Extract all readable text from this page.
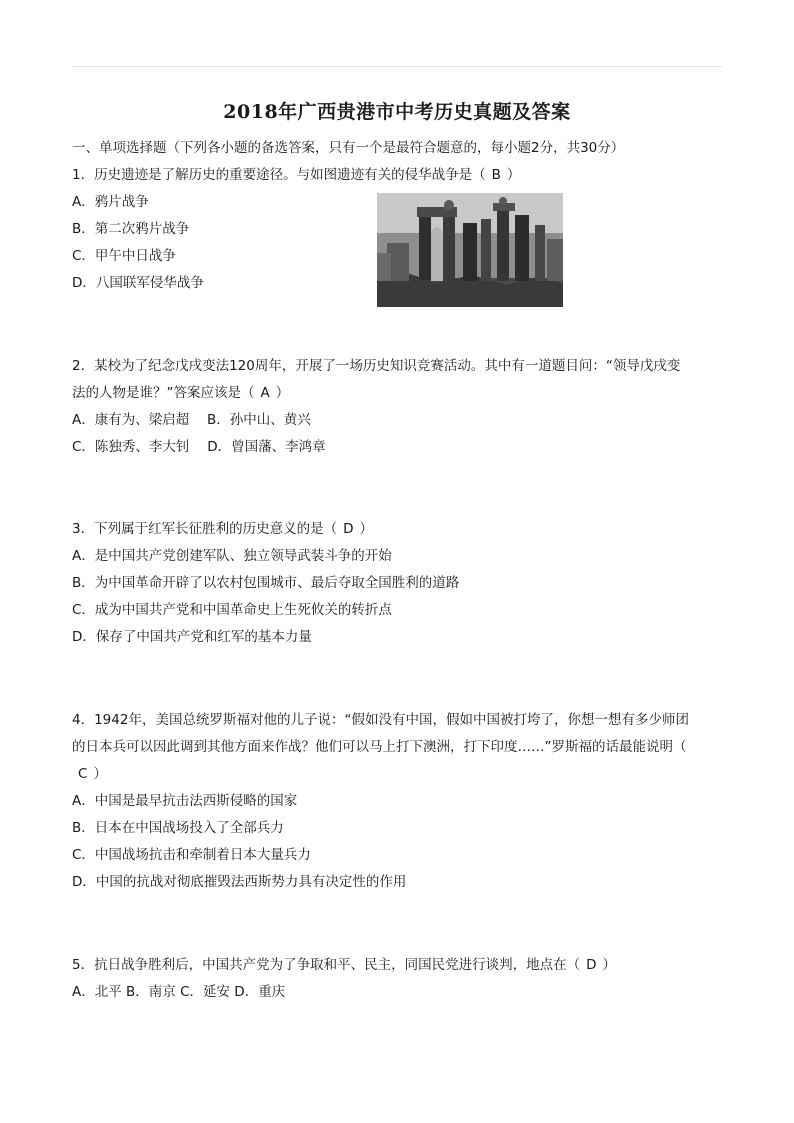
2018年广西贵港市中考历史真题及答案
一、单项选择题（下列各小题的备选答案，只有一个是最符合题意的，每小题2分，共30分）
1．历史遗迹是了解历史的重要途径。与如图遗迹有关的侵华战争是（ B ）
A．鸦片战争
B．第二次鸦片战争
C．甲午中日战争
D．八国联军侵华战争
2．某校为了纪念戊戌变法120周年，开展了一场历史知识竞赛活动。其中有一道题目问：“领导戊戌变
法的人物是谁？”答案应该是（ A ）
A．康有为、梁启超　 B．孙中山、黄兴
C．陈独秀、李大钊　 D．曾国藩、李鸿章
3．下列属于红军长征胜利的历史意义的是（ D ）
A．是中国共产党创建军队、独立领导武装斗争的开始
B．为中国革命开辟了以农村包围城市、最后夺取全国胜利的道路
C．成为中国共产党和中国革命史上生死攸关的转折点
D．保存了中国共产党和红军的基本力量
4．1942年，美国总统罗斯福对他的儿子说：“假如没有中国，假如中国被打垮了，你想一想有多少师团
的日本兵可以因此调到其他方面来作战？他们可以马上打下澳洲，打下印度……”罗斯福的话最能说明（
C ）
A．中国是最早抗击法西斯侵略的国家
B．日本在中国战场投入了全部兵力
C．中国战场抗击和牵制着日本大量兵力
D．中国的抗战对彻底摧毁法西斯势力具有决定性的作用
5．抗日战争胜利后，中国共产党为了争取和平、民主，同国民党进行谈判，地点在（ D ）
A．北平 B．南京 C．延安 D．重庆
